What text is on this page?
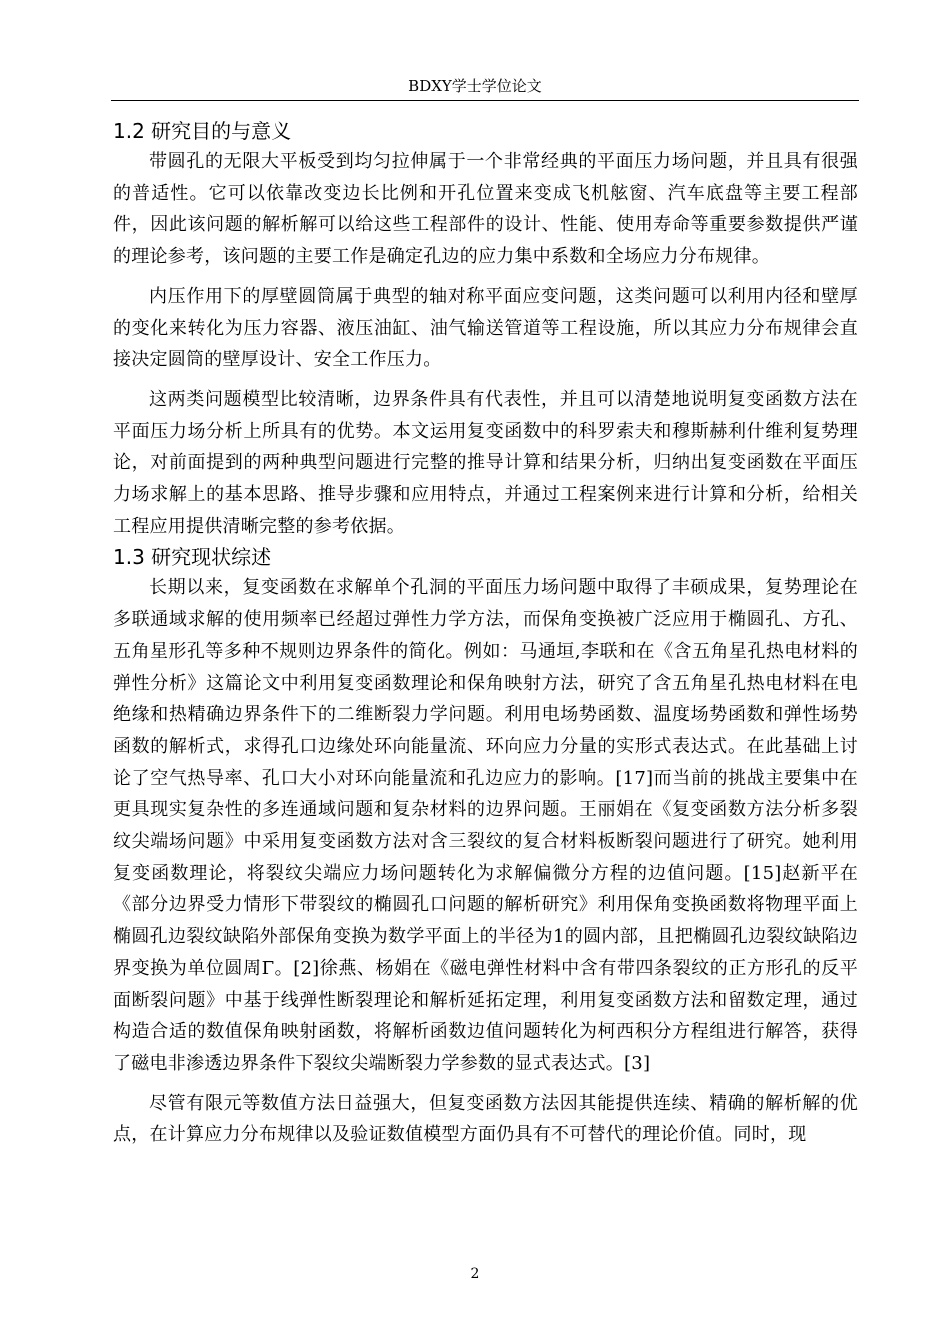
BDXY学士学位论文
1.2 研究目的与意义

带圆孔的无限大平板受到均匀拉伸属于一个非常经典的平面压力场问题，并且具有很强的普适性。它可以依靠改变边长比例和开孔位置来变成飞机舷窗、汽车底盘等主要工程部件，因此该问题的解析解可以给这些工程部件的设计、性能、使用寿命等重要参数提供严谨的理论参考，该问题的主要工作是确定孔边的应力集中系数和全场应力分布规律。

内压作用下的厚壁圆筒属于典型的轴对称平面应变问题，这类问题可以利用内径和壁厚的变化来转化为压力容器、液压油缸、油气输送管道等工程设施，所以其应力分布规律会直接决定圆筒的壁厚设计、安全工作压力。

这两类问题模型比较清晰，边界条件具有代表性，并且可以清楚地说明复变函数方法在平面压力场分析上所具有的优势。本文运用复变函数中的科罗索夫和穆斯赫利什维利复势理论，对前面提到的两种典型问题进行完整的推导计算和结果分析，归纳出复变函数在平面压力场求解上的基本思路、推导步骤和应用特点，并通过工程案例来进行计算和分析，给相关工程应用提供清晰完整的参考依据。

1.3 研究现状综述

长期以来，复变函数在求解单个孔洞的平面压力场问题中取得了丰硕成果，复势理论在多联通域求解的使用频率已经超过弹性力学方法，而保角变换被广泛应用于椭圆孔、方孔、五角星形孔等多种不规则边界条件的简化。例如：马通垣,李联和在《含五角星孔热电材料的弹性分析》这篇论文中利用复变函数理论和保角映射方法，研究了含五角星孔热电材料在电绝缘和热精确边界条件下的二维断裂力学问题。利用电场势函数、温度场势函数和弹性场势函数的解析式，求得孔口边缘处环向能量流、环向应力分量的实形式表达式。在此基础上讨论了空气热导率、孔口大小对环向能量流和孔边应力的影响。[17]而当前的挑战主要集中在更具现实复杂性的多连通域问题和复杂材料的边界问题。王丽娟在《复变函数方法分析多裂纹尖端场问题》中采用复变函数方法对含三裂纹的复合材料板断裂问题进行了研究。她利用复变函数理论，将裂纹尖端应力场问题转化为求解偏微分方程的边值问题。[15]赵新平在《部分边界受力情形下带裂纹的椭圆孔口问题的解析研究》利用保角变换函数将物理平面上椭圆孔边裂纹缺陷外部保角变换为数学平面上的半径为1的圆内部，且把椭圆孔边裂纹缺陷边界变换为单位圆周Γ。[2]徐燕、杨娟在《磁电弹性材料中含有带四条裂纹的正方形孔的反平面断裂问题》中基于线弹性断裂理论和解析延拓定理，利用复变函数方法和留数定理，通过构造合适的数值保角映射函数，将解析函数边值问题转化为柯西积分方程组进行解答，获得了磁电非渗透边界条件下裂纹尖端断裂力学参数的显式表达式。[3]

尽管有限元等数值方法日益强大，但复变函数方法因其能提供连续、精确的解析解的优点，在计算应力分布规律以及验证数值模型方面仍具有不可替代的理论价值。同时，现

2
